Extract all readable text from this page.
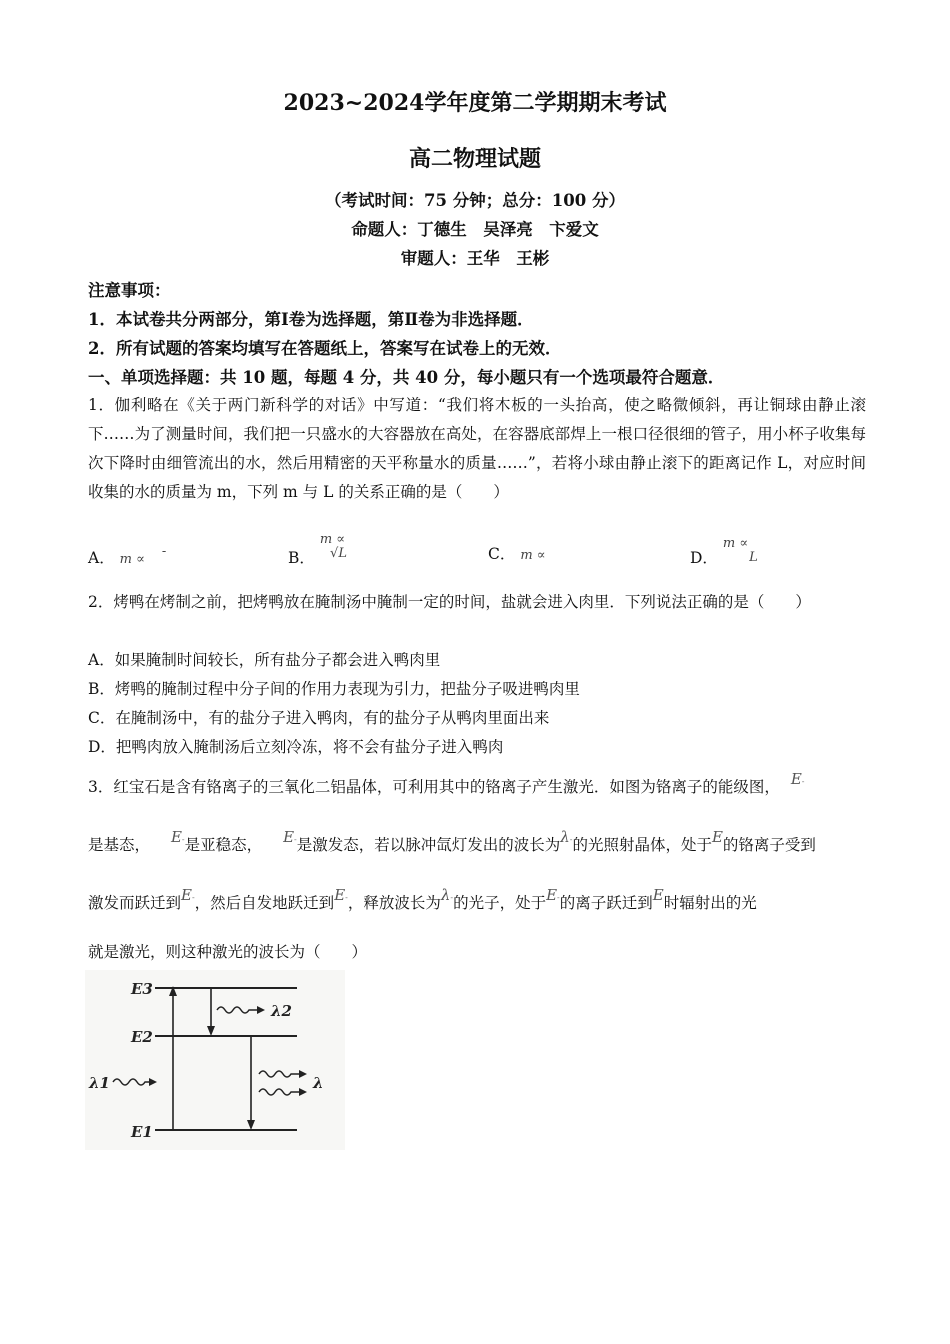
2023~2024学年度第二学期期末考试
高二物理试题
（考试时间：75 分钟；总分：100 分）
命题人：丁德生　吴泽亮　卞爱文
审题人：王华　王彬
注意事项：
1．本试卷共分两部分，第Ⅰ卷为选择题，第Ⅱ卷为非选择题．
2．所有试题的答案均填写在答题纸上，答案写在试卷上的无效．
一、单项选择题：共 10 题，每题 4 分，共 40 分，每小题只有一个选项最符合题意．
1．伽利略在《关于两门新科学的对话》中写道：“我们将木板的一头抬高，使之略微倾斜，再让铜球由静止滚下……为了测量时间，我们把一只盛水的大容器放在高处，在容器底部焊上一根口径很细的管子，用小杯子收集每次下降时由细管流出的水，然后用精密的天平称量水的质量……”，若将小球由静止滚下的距离记作 L，对应时间收集的水的质量为 m，下列 m 与 L 的关系正确的是（　　）
A． m ∝ -	B． $^{m \propto}$ $^{√L}$	C． m ∝	D． $^{m \propto}$ L
2．烤鸭在烤制之前，把烤鸭放在腌制汤中腌制一定的时间，盐就会进入肉里．下列说法正确的是（　　）
A．如果腌制时间较长，所有盐分子都会进入鸭肉里
B．烤鸭的腌制过程中分子间的作用力表现为引力，把盐分子吸进鸭肉里
C．在腌制汤中，有的盐分子进入鸭肉，有的盐分子从鸭肉里面出来
D．把鸭肉放入腌制汤后立刻冷冻，将不会有盐分子进入鸭肉
3．红宝石是含有铬离子的三氧化二铝晶体，可利用其中的铬离子产生激光．如图为铬离子的能级图， E-
是基态， E-是亚稳态， E-是激发态，若以脉冲氙灯发出的波长为λ-的光照射晶体，处于E的铬离子受到
激发而跃迁到E-，然后自发地跃迁到E-，释放波长为λ-的光子，处于E-的离子跃迁到E时辐射出的光
就是激光，则这种激光的波长为（　　）
E3
E2
E1
λ2
λ1	λ
